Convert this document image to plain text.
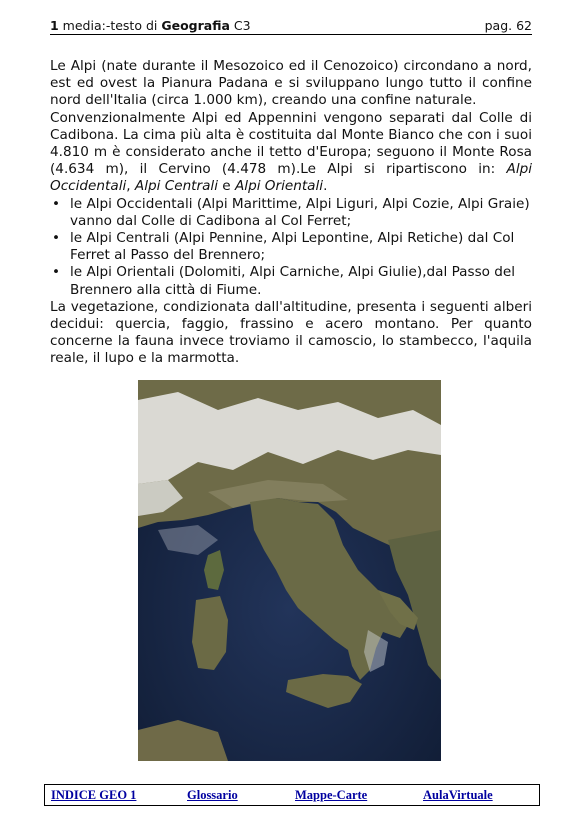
1 media:-testo di Geografia C3	pag. 62

Le Alpi (nate durante il Mesozoico ed il Cenozoico) circondano a nord, est ed ovest la Pianura Padana e si sviluppano lungo tutto il confine nord dell'Italia (circa 1.000 km), creando una confine naturale.

Convenzionalmente Alpi ed Appennini vengono separati dal Colle di Cadibona. La cima più alta è costituita dal Monte Bianco che con i suoi 4.810 m è considerato anche il tetto d'Europa; seguono il Monte Rosa (4.634 m), il Cervino (4.478 m).Le Alpi si ripartiscono in: Alpi Occidentali, Alpi Centrali e Alpi Orientali.

• le Alpi Occidentali (Alpi Marittime, Alpi Liguri, Alpi Cozie, Alpi Graie) vanno dal Colle di Cadibona al Col Ferret;
• le Alpi Centrali (Alpi Pennine, Alpi Lepontine, Alpi Retiche) dal Col Ferret al Passo del Brennero;
• le Alpi Orientali (Dolomiti, Alpi Carniche, Alpi Giulie),dal Passo del Brennero alla città di Fiume.

La vegetazione, condizionata dall'altitudine, presenta i seguenti alberi decidui: quercia, faggio, frassino e acero montano. Per quanto concerne la fauna invece troviamo il camoscio, lo stambecco, l'aquila reale, il lupo e la marmotta.

INDICE GEO 1	Glossario	Mappe-Carte	AulaVirtuale
